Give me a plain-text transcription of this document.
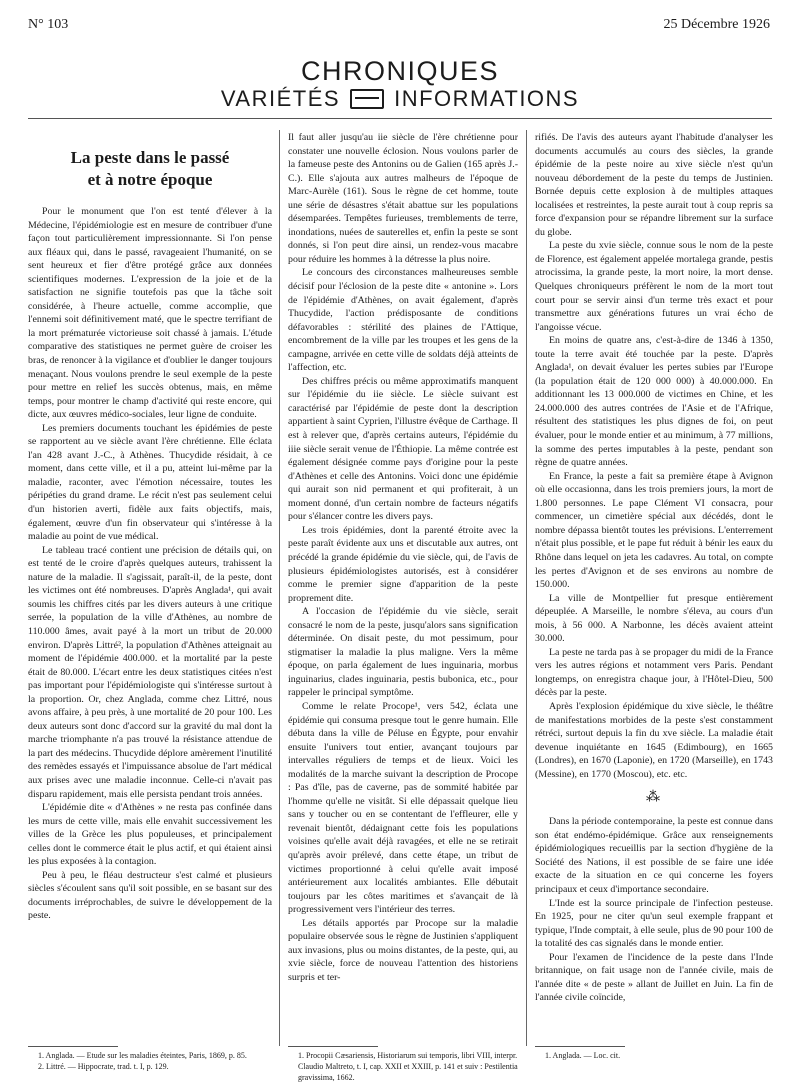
N° 103	25 Décembre 1926
CHRONIQUES
VARIÉTÉS INFORMATIONS
La peste dans le passé
et à notre époque

Pour le monument que l'on est tenté d'élever à la Médecine, l'épidémiologie est en mesure de contribuer d'une façon tout particulièrement impressionnante. Si l'on pense aux fléaux qui, dans le passé, ravageaient l'humanité, on se sent heureux et fier d'être protégé grâce aux données scientifiques modernes. L'expression de la joie et de la satisfaction ne signifie toutefois pas que la tâche soit considérée, à l'heure actuelle, comme accomplie, que l'ennemi soit définitivement maté, que le spectre terrifiant de la mort prématurée victorieuse soit chassé à jamais. L'étude comparative des statistiques ne permet guère de croiser les bras, de renoncer à la vigilance et d'oublier le danger toujours menaçant. Nous voulons prendre le seul exemple de la peste pour mettre en relief les succès obtenus, mais, en même temps, pour montrer le champ d'activité qui reste encore, qui dicte, aux œuvres médico-sociales, leur ligne de conduite.

Les premiers documents touchant les épidémies de peste se rapportent au ve siècle avant l'ère chrétienne. Elle éclata l'an 428 avant J.-C., à Athènes. Thucydide résidait, à ce moment, dans cette ville, et il a pu, atteint lui-même par la maladie, raconter, avec l'émotion nécessaire, toutes les péripéties du grand drame. Le récit n'est pas seulement celui d'un historien averti, fidèle aux faits objectifs, mais, également, œuvre d'un fin observateur qui s'intéresse à la maladie au point de vue médical.

Le tableau tracé contient une précision de détails qui, on est tenté de le croire d'après quelques auteurs, trahissent la nature de la maladie. Il s'agissait, paraît-il, de la peste, dont les victimes ont été nombreuses. D'après Anglada¹, qui avait soumis les chiffres cités par les divers auteurs à une critique serrée, la population de la ville d'Athènes, au nombre de 110.000 âmes, avait payé à la mort un tribut de 20.000 environ. D'après Littré², la population d'Athènes atteignait au moment de l'épidémie 400.000. et la mortalité par la peste était de 80.000. L'écart entre les deux statistiques citées n'est pas important pour l'épidémiologiste qui s'intéresse surtout à la proportion. Or, chez Anglada, comme chez Littré, nous avons affaire, à peu près, à une mortalité de 20 pour 100. Les deux auteurs sont donc d'accord sur la gravité du mal dont la marche triomphante n'a pas trouvé la résistance attendue de la part des médecins. Thucydide déplore amèrement l'inutilité des remèdes essayés et l'impuissance absolue de l'art médical aux prises avec une maladie inconnue. Celle-ci n'avait pas disparu rapidement, mais elle persista pendant trois années.

L'épidémie dite « d'Athènes » ne resta pas confinée dans les murs de cette ville, mais elle envahit successivement les villes de la Grèce les plus populeuses, et principalement celles dont le commerce était le plus actif, et qui étaient ainsi les plus exposées à la contagion.

Peu à peu, le fléau destructeur s'est calmé et plusieurs siècles s'écoulent sans qu'il soit possible, en se basant sur des documents irréprochables, de suivre le développement de la peste.

Il faut aller jusqu'au iie siècle de l'ère chrétienne pour constater une nouvelle éclosion. Nous voulons parler de la fameuse peste des Antonins ou de Galien (165 après J.-C.). Elle s'ajouta aux autres malheurs de l'époque de Marc-Aurèle (161). Sous le règne de cet homme, toute une série de désastres s'était abattue sur les populations désemparées. Tempêtes furieuses, tremblements de terre, inondations, nuées de sauterelles et, enfin la peste se sont donnés, si l'on peut dire ainsi, un rendez-vous macabre pour réduire les hommes à la détresse la plus noire.

Le concours des circonstances malheureuses semble décisif pour l'éclosion de la peste dite « antonine ». Lors de l'épidémie d'Athènes, on avait également, d'après Thucydide, l'action prédisposante de conditions défavorables : stérilité des plaines de l'Attique, encombrement de la ville par les troupes et les gens de la campagne, arrivée en cette ville de soldats déjà atteints de l'affection, etc.

Des chiffres précis ou même approximatifs manquent sur l'épidémie du iie siècle. Le siècle suivant est caractérisé par l'épidémie de peste dont la description appartient à saint Cyprien, l'illustre évêque de Carthage. Il est à relever que, d'après certains auteurs, l'épidémie du iiie siècle serait venue de l'Éthiopie. La même contrée est également désignée comme pays d'origine pour la peste d'Athènes et celle des Antonins. Voici donc une épidémie qui aurait son nid permanent et qui profiterait, à un moment donné, d'un certain nombre de facteurs négatifs pour s'élancer contre les divers pays.

Les trois épidémies, dont la parenté étroite avec la peste paraît évidente aux uns et discutable aux autres, ont précédé la grande épidémie du vie siècle, qui, de l'avis de plusieurs épidémiologistes autorisés, est à considérer comme le premier signe d'apparition de la peste proprement dite.

A l'occasion de l'épidémie du vie siècle, serait consacré le nom de la peste, jusqu'alors sans signification déterminée. On disait peste, du mot pessimum, pour stigmatiser la maladie la plus maligne. Vers la même époque, on parla également de lues inguinaria, morbus inguinarius, clades inguinaria, pestis bubonica, etc., pour rappeler le principal symptôme.

Comme le relate Procope¹, vers 542, éclata une épidémie qui consuma presque tout le genre humain. Elle débuta dans la ville de Péluse en Égypte, pour envahir ensuite l'univers tout entier, avançant toujours par intervalles réguliers de temps et de lieux. Voici les modalités de la marche suivant la description de Procope : Pas d'île, pas de caverne, pas de sommité habitée par l'homme qu'elle ne visitât. Si elle dépassait quelque lieu sans y toucher ou en se contentant de l'effleurer, elle y revenait bientôt, dédaignant cette fois les populations voisines qu'elle avait déjà ravagées, et elle ne se retirait qu'après avoir prélevé, dans cette étape, un tribut de victimes proportionné à celui qu'elle avait imposé antérieurement aux localités ambiantes. Elle débutait toujours par les côtes maritimes et s'avançait de là progressivement vers l'intérieur des terres.

Les détails apportés par Procope sur la maladie populaire observée sous le règne de Justinien s'appliquent aux invasions, plus ou moins distantes, de la peste, qui, au xvie siècle, force de nouveau l'attention des historiens surpris et ter-

rifiés. De l'avis des auteurs ayant l'habitude d'analyser les documents accumulés au cours des siècles, la grande épidémie de la peste noire au xive siècle n'est qu'un nouveau débordement de la peste du temps de Justinien. Bornée depuis cette explosion à de multiples attaques localisées et restreintes, la peste aurait tout à coup repris sa force d'expansion pour se répandre librement sur la surface du globe.

La peste du xvie siècle, connue sous le nom de la peste de Florence, est également appelée mortalega grande, pestis atrocissima, la grande peste, la mort noire, la mort dense. Quelques chroniqueurs préfèrent le nom de la mort tout court pour se servir ainsi d'un terme très exact et pour transmettre aux générations futures un vrai écho de l'angoisse vécue.

En moins de quatre ans, c'est-à-dire de 1346 à 1350, toute la terre avait été touchée par la peste. D'après Anglada¹, on devait évaluer les pertes subies par l'Europe (la population était de 120 000 000) à 40.000.000. En additionnant les 13 000.000 de victimes en Chine, et les 24.000.000 des autres contrées de l'Asie et de l'Afrique, résultent des statistiques les plus dignes de foi, on peut évaluer, pour le monde entier et au minimum, à 77 millions, la somme des pertes imputables à la peste, pendant son règne de quatre années.

En France, la peste a fait sa première étape à Avignon où elle occasionna, dans les trois premiers jours, la mort de 1.800 personnes. Le pape Clément VI consacra, pour commencer, un cimetière spécial aux décédés, dont le nombre dépassa bientôt toutes les prévisions. L'enterrement n'était plus possible, et le pape fut réduit à bénir les eaux du Rhône dans lequel on jeta les cadavres. Au total, on compte les pertes d'Avignon et de ses environs au nombre de 150.000.

La ville de Montpellier fut presque entièrement dépeuplée. A Marseille, le nombre s'éleva, au cours d'un mois, à 56 000. A Narbonne, les décès avaient atteint 30.000.

La peste ne tarda pas à se propager du midi de la France vers les autres régions et notamment vers Paris. Pendant longtemps, on enregistra chaque jour, à l'Hôtel-Dieu, 500 décès par la peste.

Après l'explosion épidémique du xive siècle, le théâtre de manifestations morbides de la peste s'est constamment rétréci, surtout depuis la fin du xve siècle. La maladie était devenue inquiétante en 1645 (Edimbourg), en 1665 (Londres), en 1670 (Laponie), en 1720 (Marseille), en 1743 (Messine), en 1770 (Moscou), etc. etc.

⁂

Dans la période contemporaine, la peste est connue dans son état endémo-épidémique. Grâce aux renseignements épidémiologiques recueillis par la section d'hygiène de la Société des Nations, il est possible de se faire une idée exacte de la situation en ce qui concerne les foyers principaux et ceux d'importance secondaire.

L'Inde est la source principale de l'infection pesteuse. En 1925, pour ne citer qu'un seul exemple frappant et typique, l'Inde comptait, à elle seule, plus de 90 pour 100 de la totalité des cas signalés dans le monde entier.

Pour l'examen de l'incidence de la peste dans l'Inde britannique, on fait usage non de l'année civile, mais de l'année dite « de peste » allant de Juillet en Juin. La fin de l'année civile coïncide,

1. Anglada. — Etude sur les maladies éteintes, Paris, 1869, p. 85.

2. Littré. — Hippocrate, trad. t. I, p. 129.

1. Procopii Cæsariensis, Historiarum sui temporis, libri VIII, interpr. Claudio Maltreto, t. I, cap. XXII et XXIII, p. 141 et suiv : Pestilentia gravissima, 1662.

1. Anglada. — Loc. cit.
